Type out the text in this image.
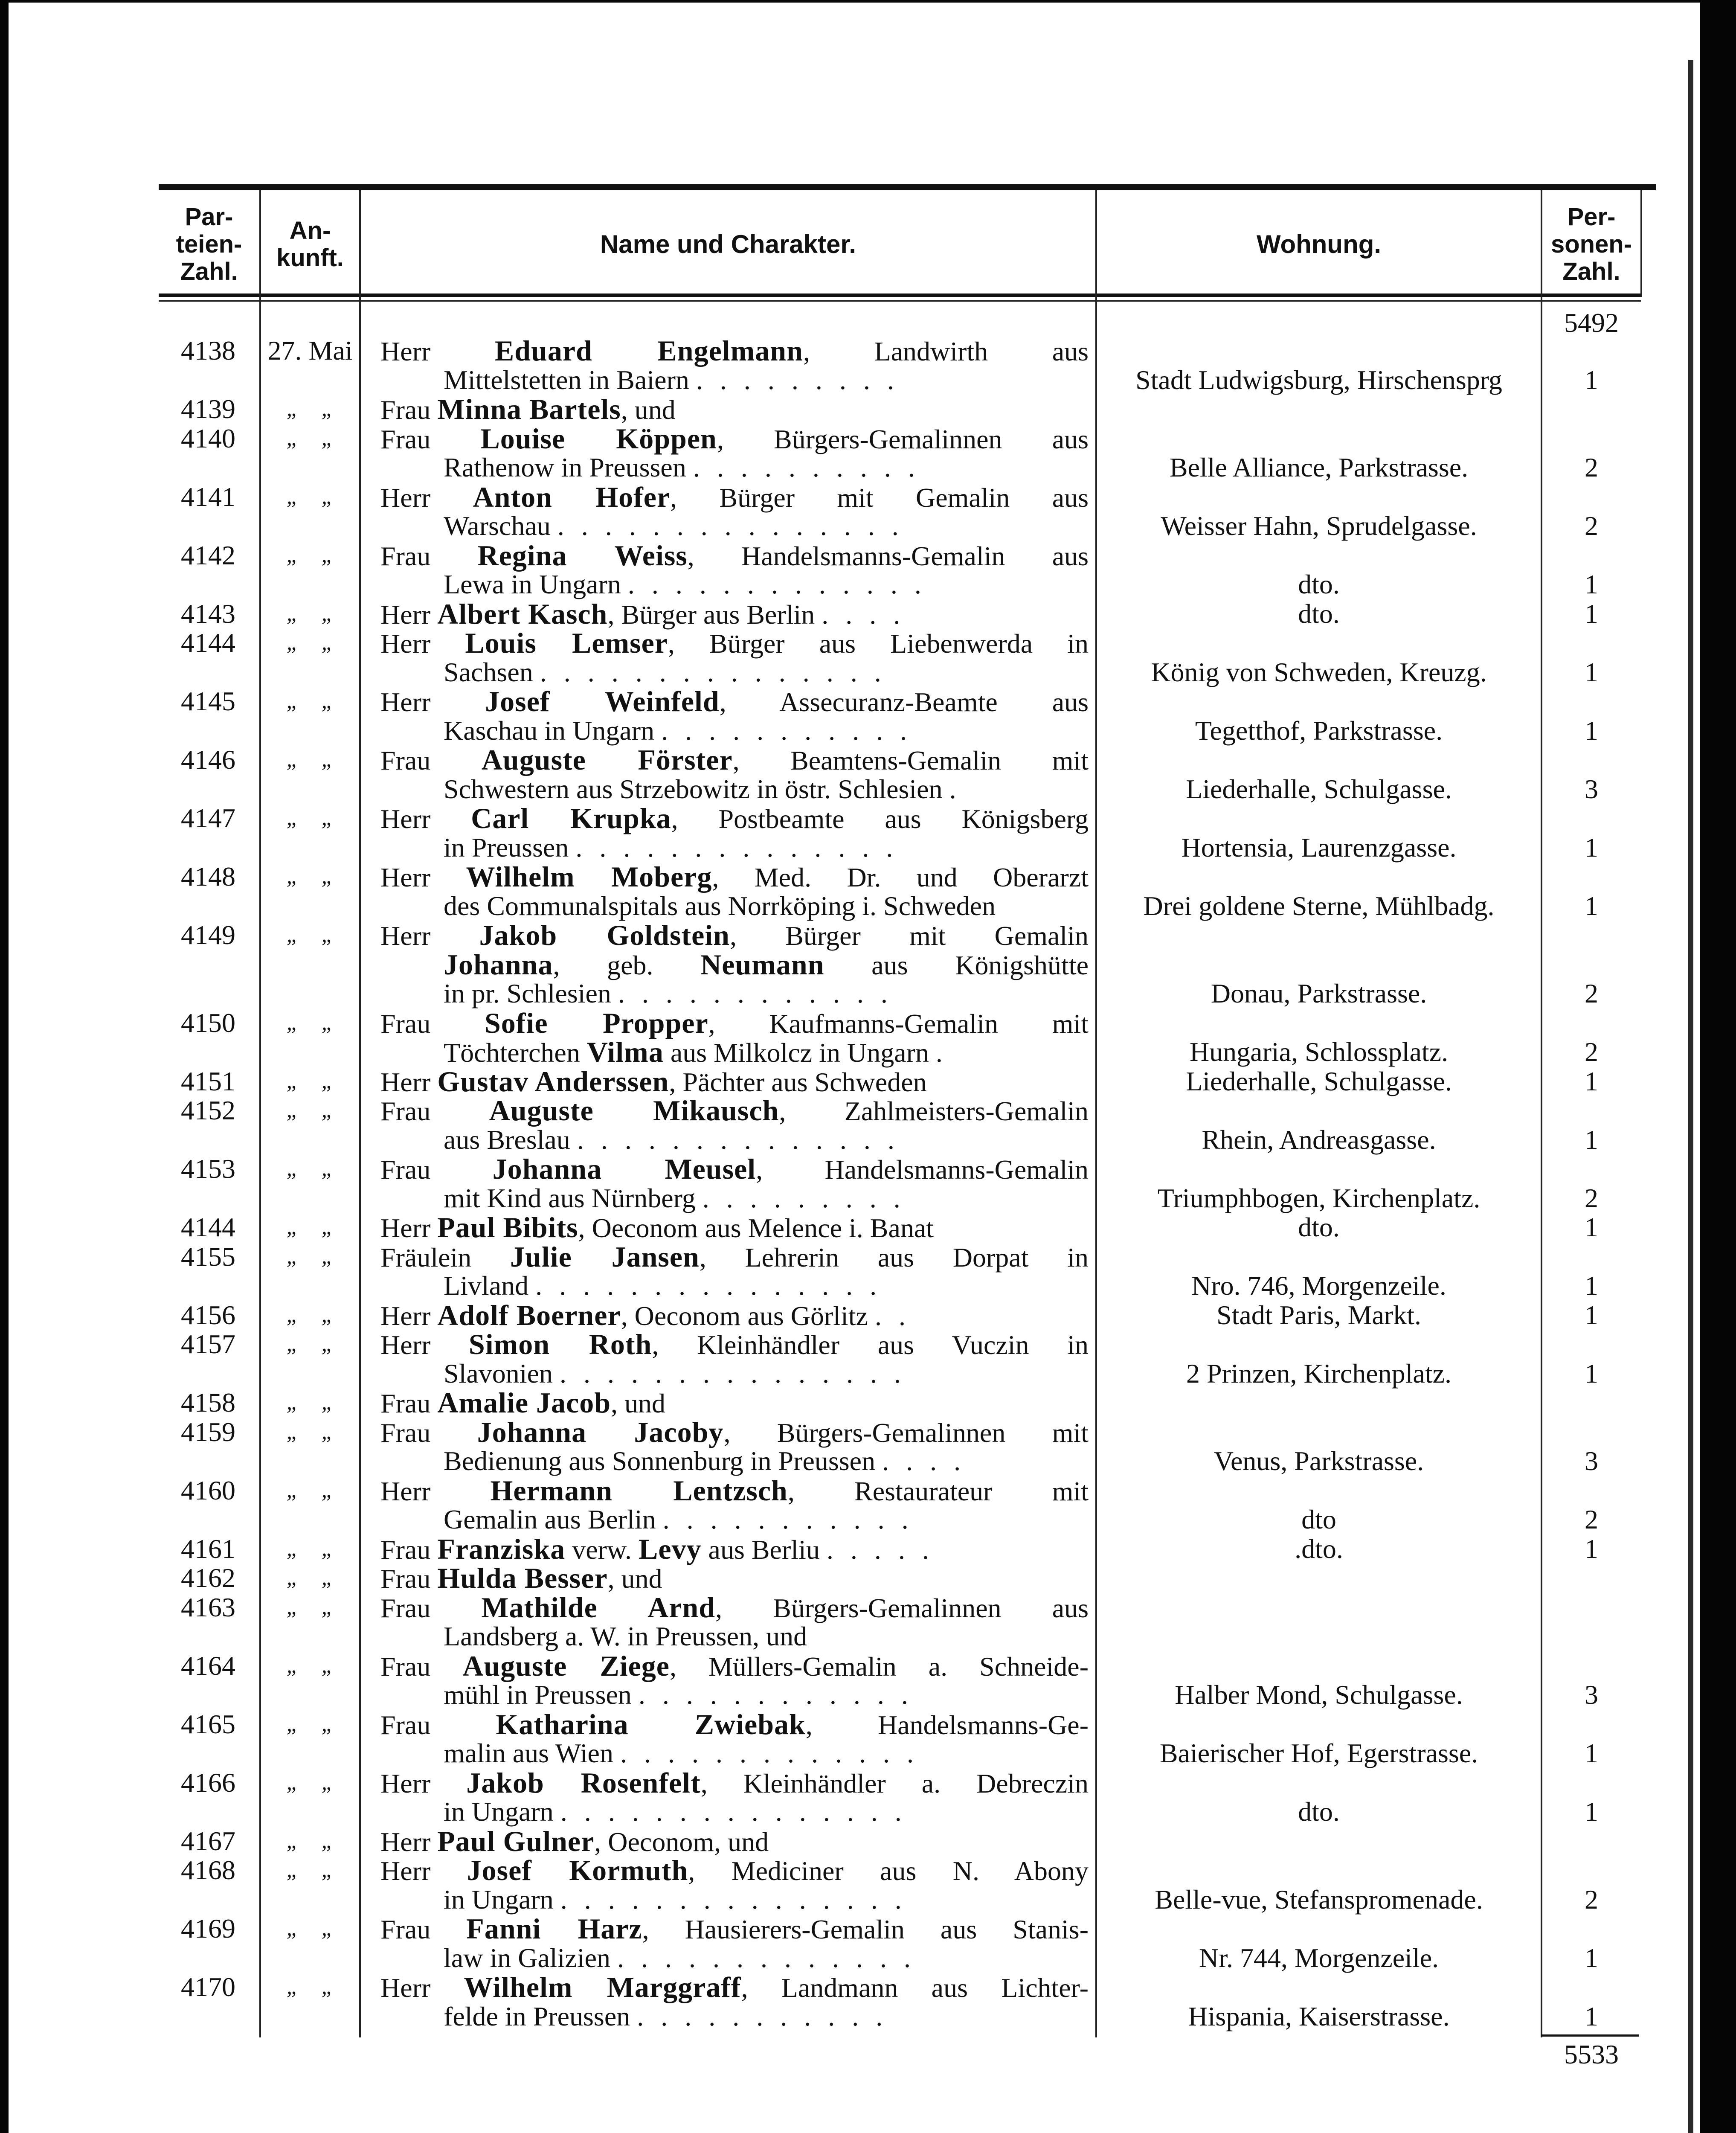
Par-
teien-
Zahl.
An-
kunft.	Name und Charakter.	Wohnung.
Per-
sonen-
Zahl.
5492
4138	27. Mai Herr Eduard Engelmann, Landwirth aus
Mittelstetten in Baiern . . . . . . . . .	Stadt Ludwigsburg, Hirschensprg	1
4139	„ „	Frau Minna Bartels, und
4140	„ „	Frau Louise Köppen, Bürgers-Gemalinnen aus
Rathenow in Preussen . . . . . . . . . .	Belle Alliance, Parkstrasse.	2
4141	„ „	Herr Anton Hofer, Bürger mit Gemalin aus
Warschau . . . . . . . . . . . . . . .	Weisser Hahn, Sprudelgasse.	2
4142	„ „	Frau Regina Weiss, Handelsmanns-Gemalin aus
Lewa in Ungarn . . . . . . . . . . . . .	dto.	1
4143	„ „	Herr Albert Kasch, Bürger aus Berlin . . . .	dto.	1
4144	„ „	Herr Louis Lemser, Bürger aus Liebenwerda in
Sachsen . . . . . . . . . . . . . . .	König von Schweden, Kreuzg.	1
4145	„ „	Herr Josef Weinfeld, Assecuranz-Beamte aus
Kaschau in Ungarn . . . . . . . . . . .	Tegetthof, Parkstrasse.	1
4146	„ „	Frau Auguste Förster, Beamtens-Gemalin mit
Schwestern aus Strzebowitz in östr. Schlesien .	Liederhalle, Schulgasse.	3
4147	„ „	Herr Carl Krupka, Postbeamte aus Königsberg
in Preussen . . . . . . . . . . . . . .	Hortensia, Laurenzgasse.	1
4148	„ „	Herr Wilhelm Moberg, Med. Dr. und Oberarzt
des Communalspitals aus Norrköping i. Schweden	Drei goldene Sterne, Mühlbadg.	1
4149	„ „	Herr Jakob Goldstein, Bürger mit Gemalin
Johanna, geb. Neumann aus Königshütte
in pr. Schlesien . . . . . . . . . . . .	Donau, Parkstrasse.	2
4150	„ „	Frau Sofie Propper, Kaufmanns-Gemalin mit
Töchterchen Vilma aus Milkolcz in Ungarn .	Hungaria, Schlossplatz.	2
4151	„ „	Herr Gustav Anderssen, Pächter aus Schweden	Liederhalle, Schulgasse.	1
4152	„ „	Frau Auguste Mikausch, Zahlmeisters-Gemalin
aus Breslau . . . . . . . . . . . . . .	Rhein, Andreasgasse.	1
4153	„ „	Frau Johanna Meusel, Handelsmanns-Gemalin
mit Kind aus Nürnberg . . . . . . . . .	Triumphbogen, Kirchenplatz.	2
4144	„ „	Herr Paul Bibits, Oeconom aus Melence i. Banat	dto.	1
4155	„ „	Fräulein Julie Jansen, Lehrerin aus Dorpat in
Livland . . . . . . . . . . . . . . .	Nro. 746, Morgenzeile.	1
4156	„ „	Herr Adolf Boerner, Oeconom aus Görlitz . .	Stadt Paris, Markt.	1
4157	„ „	Herr Simon Roth, Kleinhändler aus Vuczin in
Slavonien . . . . . . . . . . . . . . .	2 Prinzen, Kirchenplatz.	1
4158	„ „	Frau Amalie Jacob, und
4159	„ „	Frau Johanna Jacoby, Bürgers-Gemalinnen mit
Bedienung aus Sonnenburg in Preussen . . . .	Venus, Parkstrasse.	3
4160	„ „	Herr Hermann Lentzsch, Restaurateur mit
Gemalin aus Berlin . . . . . . . . . . .	dto	2
4161	„ „	Frau Franziska verw. Levy aus Berliu . . . . .	.dto.	1
4162	„ „	Frau Hulda Besser, und
4163	„ „	Frau Mathilde Arnd, Bürgers-Gemalinnen aus
Landsberg a. W. in Preussen, und
4164	„ „	Frau Auguste Ziege, Müllers-Gemalin a. Schneide-
mühl in Preussen . . . . . . . . . . . .	Halber Mond, Schulgasse.	3
4165	„ „	Frau Katharina Zwiebak, Handelsmanns-Ge-
malin aus Wien . . . . . . . . . . . . .	Baierischer Hof, Egerstrasse.	1
4166	„ „	Herr Jakob Rosenfelt, Kleinhändler a. Debreczin
in Ungarn . . . . . . . . . . . . . . .	dto.	1
4167	„ „	Herr Paul Gulner, Oeconom, und
4168	„ „	Herr Josef Kormuth, Mediciner aus N. Abony
in Ungarn . . . . . . . . . . . . . . .	Belle-vue, Stefanspromenade.	2
4169	„ „	Frau Fanni Harz, Hausierers-Gemalin aus Stanis-
law in Galizien . . . . . . . . . . . . .	Nr. 744, Morgenzeile.	1
4170	„ „	Herr Wilhelm Marggraff, Landmann aus Lichter-
felde in Preussen . . . . . . . . . . .	Hispania, Kaiserstrasse.	1
5533
